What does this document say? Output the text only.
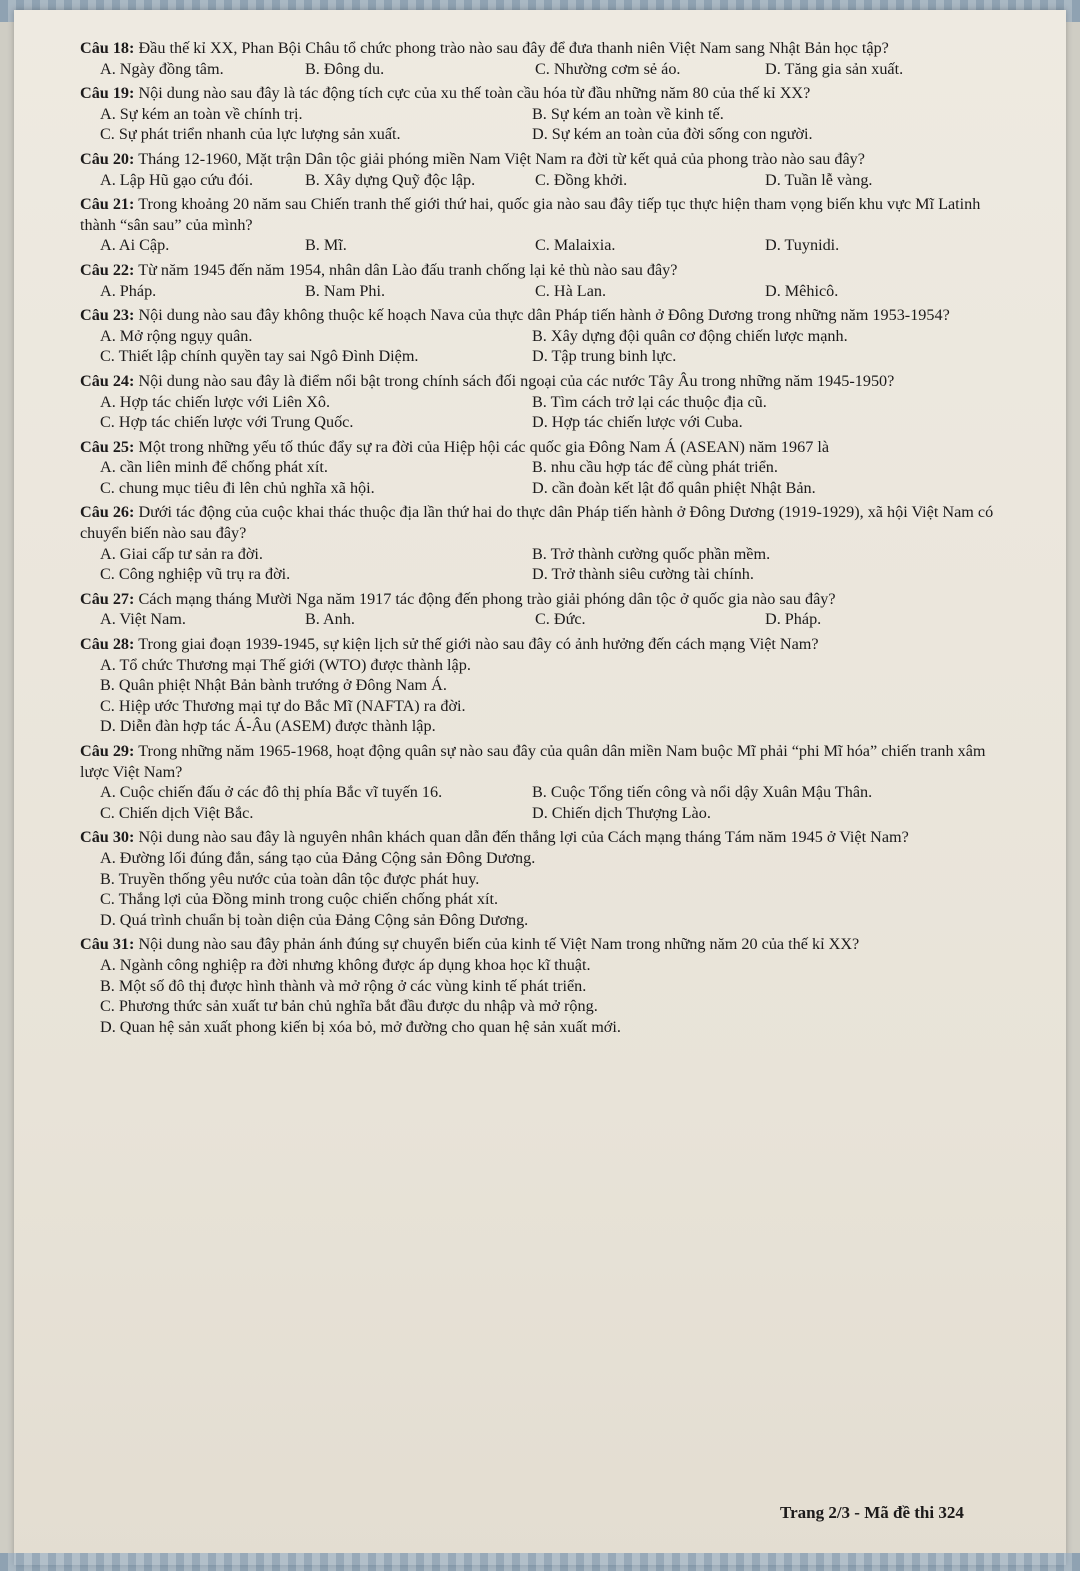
Câu 18: Đầu thế kỉ XX, Phan Bội Châu tổ chức phong trào nào sau đây để đưa thanh niên Việt Nam sang Nhật Bản học tập?

A. Ngày đồng tâm.	B. Đông du.	C. Nhường cơm sẻ áo.	D. Tăng gia sản xuất.

Câu 19: Nội dung nào sau đây là tác động tích cực của xu thế toàn cầu hóa từ đầu những năm 80 của thế kỉ XX?

A. Sự kém an toàn về chính trị.	B. Sự kém an toàn về kinh tế.
C. Sự phát triển nhanh của lực lượng sản xuất.	D. Sự kém an toàn của đời sống con người.

Câu 20: Tháng 12-1960, Mặt trận Dân tộc giải phóng miền Nam Việt Nam ra đời từ kết quả của phong trào nào sau đây?

A. Lập Hũ gạo cứu đói.	B. Xây dựng Quỹ độc lập.	C. Đồng khởi.	D. Tuần lễ vàng.

Câu 21: Trong khoảng 20 năm sau Chiến tranh thế giới thứ hai, quốc gia nào sau đây tiếp tục thực hiện tham vọng biến khu vực Mĩ Latinh thành “sân sau” của mình?

A. Ai Cập.	B. Mĩ.	C. Malaixia.	D. Tuynidi.

Câu 22: Từ năm 1945 đến năm 1954, nhân dân Lào đấu tranh chống lại kẻ thù nào sau đây?

A. Pháp.	B. Nam Phi.	C. Hà Lan.	D. Mêhicô.

Câu 23: Nội dung nào sau đây không thuộc kế hoạch Nava của thực dân Pháp tiến hành ở Đông Dương trong những năm 1953-1954?

A. Mở rộng ngụy quân.	B. Xây dựng đội quân cơ động chiến lược mạnh.
C. Thiết lập chính quyền tay sai Ngô Đình Diệm.	D. Tập trung binh lực.

Câu 24: Nội dung nào sau đây là điểm nổi bật trong chính sách đối ngoại của các nước Tây Âu trong những năm 1945-1950?

A. Hợp tác chiến lược với Liên Xô.	B. Tìm cách trở lại các thuộc địa cũ.
C. Hợp tác chiến lược với Trung Quốc.	D. Hợp tác chiến lược với Cuba.

Câu 25: Một trong những yếu tố thúc đẩy sự ra đời của Hiệp hội các quốc gia Đông Nam Á (ASEAN) năm 1967 là

A. cần liên minh để chống phát xít.	B. nhu cầu hợp tác để cùng phát triển.
C. chung mục tiêu đi lên chủ nghĩa xã hội.	D. cần đoàn kết lật đổ quân phiệt Nhật Bản.

Câu 26: Dưới tác động của cuộc khai thác thuộc địa lần thứ hai do thực dân Pháp tiến hành ở Đông Dương (1919-1929), xã hội Việt Nam có chuyển biến nào sau đây?

A. Giai cấp tư sản ra đời.	B. Trở thành cường quốc phần mềm.
C. Công nghiệp vũ trụ ra đời.	D. Trở thành siêu cường tài chính.

Câu 27: Cách mạng tháng Mười Nga năm 1917 tác động đến phong trào giải phóng dân tộc ở quốc gia nào sau đây?

A. Việt Nam.	B. Anh.	C. Đức.	D. Pháp.

Câu 28: Trong giai đoạn 1939-1945, sự kiện lịch sử thế giới nào sau đây có ảnh hưởng đến cách mạng Việt Nam?

A. Tổ chức Thương mại Thế giới (WTO) được thành lập.
B. Quân phiệt Nhật Bản bành trướng ở Đông Nam Á.
C. Hiệp ước Thương mại tự do Bắc Mĩ (NAFTA) ra đời.
D. Diễn đàn hợp tác Á-Âu (ASEM) được thành lập.

Câu 29: Trong những năm 1965-1968, hoạt động quân sự nào sau đây của quân dân miền Nam buộc Mĩ phải “phi Mĩ hóa” chiến tranh xâm lược Việt Nam?

A. Cuộc chiến đấu ở các đô thị phía Bắc vĩ tuyến 16.	B. Cuộc Tổng tiến công và nổi dậy Xuân Mậu Thân.
C. Chiến dịch Việt Bắc.	D. Chiến dịch Thượng Lào.

Câu 30: Nội dung nào sau đây là nguyên nhân khách quan dẫn đến thắng lợi của Cách mạng tháng Tám năm 1945 ở Việt Nam?

A. Đường lối đúng đắn, sáng tạo của Đảng Cộng sản Đông Dương.
B. Truyền thống yêu nước của toàn dân tộc được phát huy.
C. Thắng lợi của Đồng minh trong cuộc chiến chống phát xít.
D. Quá trình chuẩn bị toàn diện của Đảng Cộng sản Đông Dương.

Câu 31: Nội dung nào sau đây phản ánh đúng sự chuyển biến của kinh tế Việt Nam trong những năm 20 của thế kỉ XX?

A. Ngành công nghiệp ra đời nhưng không được áp dụng khoa học kĩ thuật.
B. Một số đô thị được hình thành và mở rộng ở các vùng kinh tế phát triển.
C. Phương thức sản xuất tư bản chủ nghĩa bắt đầu được du nhập và mở rộng.
D. Quan hệ sản xuất phong kiến bị xóa bỏ, mở đường cho quan hệ sản xuất mới.
Trang 2/3 - Mã đề thi 324
